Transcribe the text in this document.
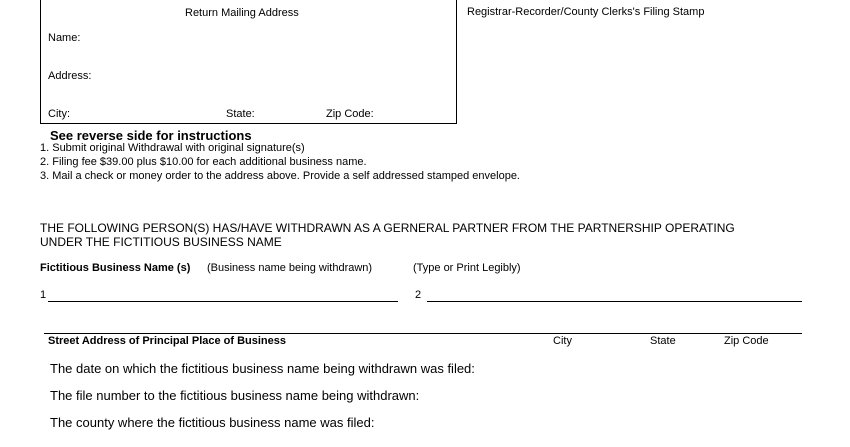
Return Mailing Address
Name:
Address:
City:	State:	Zip Code:
Registrar-Recorder/County Clerks's Filing Stamp
See reverse side for instructions
1. Submit original Withdrawal with original signature(s)
2. Filing fee $39.00 plus $10.00 for each additional business name.
3. Mail a check or money order to the address above. Provide a self addressed stamped envelope.
THE FOLLOWING PERSON(S) HAS/HAVE WITHDRAWN AS A GERNERAL PARTNER FROM THE PARTNERSHIP OPERATING
UNDER THE FICTITIOUS BUSINESS NAME
Fictitious Business Name (s) (Business name being withdrawn)	(Type or Print Legibly)
1	2
Street Address of Principal Place of Business	City	State	Zip Code
The date on which the fictitious business name being withdrawn was filed:
The file number to the fictitious business name being withdrawn:
The county where the fictitious business name was filed:
